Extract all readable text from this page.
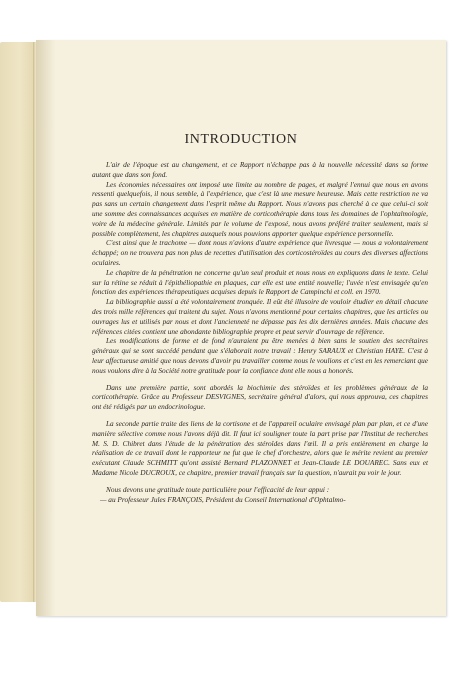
INTRODUCTION

L'air de l'époque est au changement, et ce Rapport n'échappe pas à la nouvelle nécessité dans sa forme autant que dans son fond.

Les économies nécessaires ont imposé une limite au nombre de pages, et malgré l'ennui que nous en avons ressenti quelquefois, il nous semble, à l'expérience, que c'est là une mesure heureuse. Mais cette restriction ne va pas sans un certain changement dans l'esprit même du Rapport. Nous n'avons pas cherché à ce que celui-ci soit une somme des connaissances acquises en matière de corticothérapie dans tous les domaines de l'ophtalmologie, voire de la médecine générale. Limités par le volume de l'exposé, nous avons préféré traiter seulement, mais si possible complètement, les chapitres auxquels nous pouvions apporter quelque expérience personnelle.

C'est ainsi que le trachome — dont nous n'avions d'autre expérience que livresque — nous a volontairement échappé; on ne trouvera pas non plus de recettes d'utilisation des corticostéroïdes au cours des diverses affections oculaires.

Le chapitre de la pénétration ne concerne qu'un seul produit et nous nous en expliquons dans le texte. Celui sur la rétine se réduit à l'épithéliopathie en plaques, car elle est une entité nouvelle; l'uvée n'est envisagée qu'en fonction des expériences thérapeutiques acquises depuis le Rapport de Campinchi et coll. en 1970.

La bibliographie aussi a été volontairement tronquée. Il eût été illusoire de vouloir étudier en détail chacune des trois mille références qui traitent du sujet. Nous n'avons mentionné pour certains chapitres, que les articles ou ouvrages lus et utilisés par nous et dont l'ancienneté ne dépasse pas les dix dernières années. Mais chacune des références citées contient une abondante bibliographie propre et peut servir d'ouvrage de référence.

Les modifications de forme et de fond n'auraient pu être menées à bien sans le soutien des secrétaires généraux qui se sont succédé pendant que s'élaborait notre travail : Henry SARAUX et Christian HAYE. C'est à leur affectueuse amitié que nous devons d'avoir pu travailler comme nous le voulions et c'est en les remerciant que nous voulons dire à la Société notre gratitude pour la confiance dont elle nous a honorés.

Dans une première partie, sont abordés la biochimie des stéroïdes et les problèmes généraux de la corticothérapie. Grâce au Professeur DESVIGNES, secrétaire général d'alors, qui nous approuva, ces chapitres ont été rédigés par un endocrinologue.

La seconde partie traite des liens de la cortisone et de l'appareil oculaire envisagé plan par plan, et ce d'une manière sélective comme nous l'avons déjà dit. Il faut ici souligner toute la part prise par l'Institut de recherches M. S. D. Chibret dans l'étude de la pénétration des stéroïdes dans l'œil. Il a pris entièrement en charge la réalisation de ce travail dont le rapporteur ne fut que le chef d'orchestre, alors que le mérite revient au premier exécutant Claude SCHMITT qu'ont assisté Bernard PLAZONNET et Jean-Claude LE DOUAREC. Sans eux et Madame Nicole DUCROUX, ce chapitre, premier travail français sur la question, n'aurait pu voir le jour.

Nous devons une gratitude toute particulière pour l'efficacité de leur appui :

— au Professeur Jules FRANÇOIS, Président du Conseil International d'Ophtalmo-
